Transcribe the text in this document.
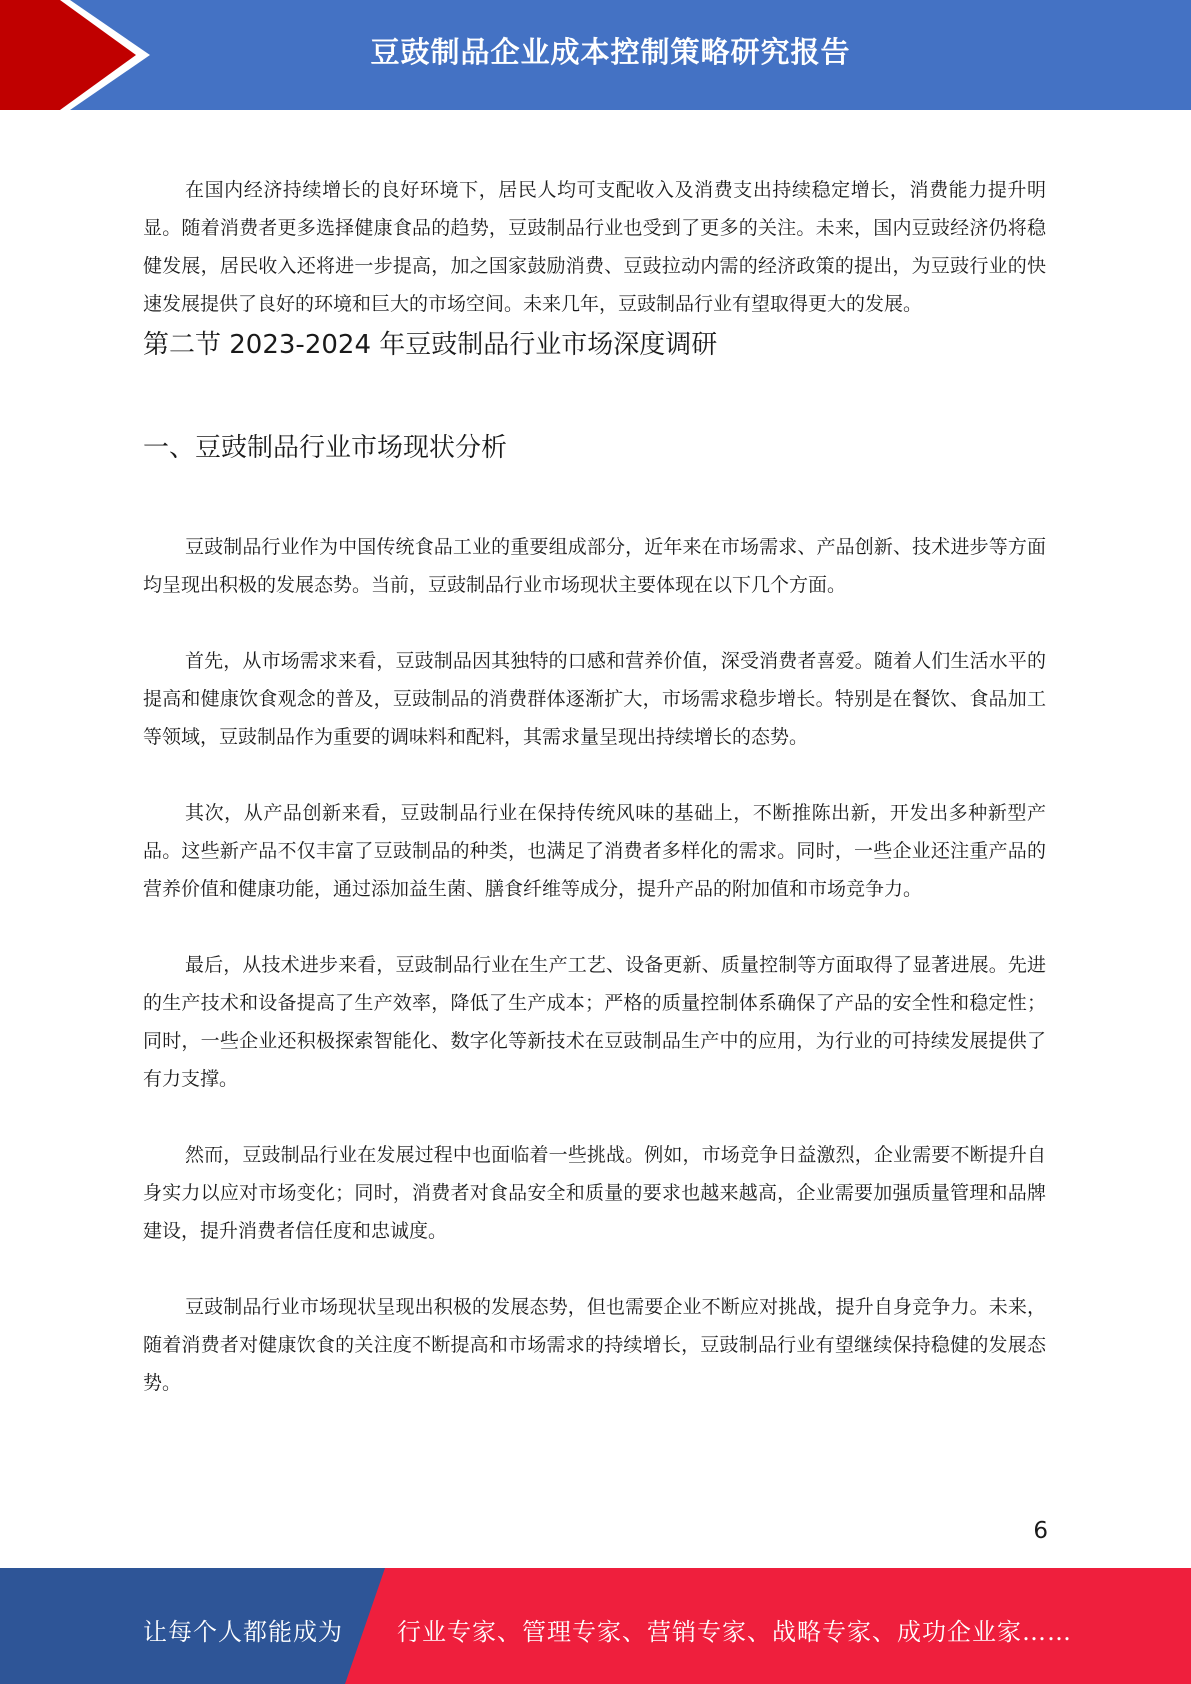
豆豉制品企业成本控制策略研究报告

在国内经济持续增长的良好环境下，居民人均可支配收入及消费支出持续稳定增长，消费能力提升明显。随着消费者更多选择健康食品的趋势，豆豉制品行业也受到了更多的关注。未来，国内豆豉经济仍将稳健发展，居民收入还将进一步提高，加之国家鼓励消费、豆豉拉动内需的经济政策的提出，为豆豉行业的快速发展提供了良好的环境和巨大的市场空间。未来几年，豆豉制品行业有望取得更大的发展。

第二节 2023-2024 年豆豉制品行业市场深度调研
一、豆豉制品行业市场现状分析

豆豉制品行业作为中国传统食品工业的重要组成部分，近年来在市场需求、产品创新、技术进步等方面均呈现出积极的发展态势。当前，豆豉制品行业市场现状主要体现在以下几个方面。

首先，从市场需求来看，豆豉制品因其独特的口感和营养价值，深受消费者喜爱。随着人们生活水平的提高和健康饮食观念的普及，豆豉制品的消费群体逐渐扩大，市场需求稳步增长。特别是在餐饮、食品加工等领域，豆豉制品作为重要的调味料和配料，其需求量呈现出持续增长的态势。

其次，从产品创新来看，豆豉制品行业在保持传统风味的基础上，不断推陈出新，开发出多种新型产品。这些新产品不仅丰富了豆豉制品的种类，也满足了消费者多样化的需求。同时，一些企业还注重产品的营养价值和健康功能，通过添加益生菌、膳食纤维等成分，提升产品的附加值和市场竞争力。

最后，从技术进步来看，豆豉制品行业在生产工艺、设备更新、质量控制等方面取得了显著进展。先进的生产技术和设备提高了生产效率，降低了生产成本；严格的质量控制体系确保了产品的安全性和稳定性；同时，一些企业还积极探索智能化、数字化等新技术在豆豉制品生产中的应用，为行业的可持续发展提供了有力支撑。

然而，豆豉制品行业在发展过程中也面临着一些挑战。例如，市场竞争日益激烈，企业需要不断提升自身实力以应对市场变化；同时，消费者对食品安全和质量的要求也越来越高，企业需要加强质量管理和品牌建设，提升消费者信任度和忠诚度。

豆豉制品行业市场现状呈现出积极的发展态势，但也需要企业不断应对挑战，提升自身竞争力。未来，随着消费者对健康饮食的关注度不断提高和市场需求的持续增长，豆豉制品行业有望继续保持稳健的发展态势。

6
让每个人都能成为 行业专家、管理专家、营销专家、战略专家、成功企业家……
